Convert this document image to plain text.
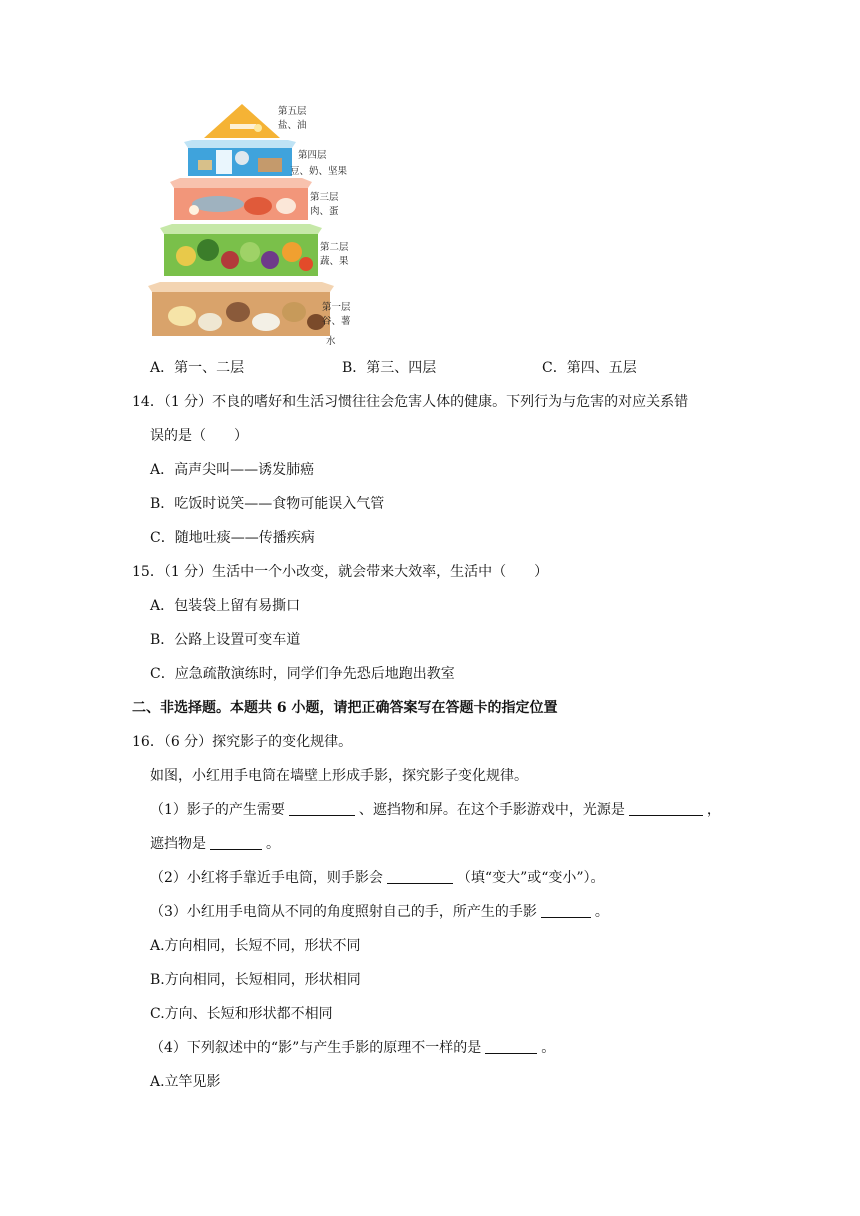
第五层
盐、油
第四层
豆、奶、坚果
第三层
肉、蛋
第二层
蔬、果
第一层
谷、薯
水
A．第一、二层	B．第三、四层	C．第四、五层
14．（1 分）不良的嗜好和生活习惯往往会危害人体的健康。下列行为与危害的对应关系错
误的是（　　）
A．高声尖叫——诱发肺癌
B．吃饭时说笑——食物可能误入气管
C．随地吐痰——传播疾病
15．（1 分）生活中一个小改变，就会带来大效率，生活中（　　）
A．包装袋上留有易撕口
B．公路上设置可变车道
C．应急疏散演练时，同学们争先恐后地跑出教室
二、非选择题。本题共 6 小题，请把正确答案写在答题卡的指定位置
16．（6 分）探究影子的变化规律。
如图，小红用手电筒在墙壁上形成手影，探究影子变化规律。
（1）影子的产生需要	、遮挡物和屏。在这个手影游戏中，光源是	，
遮挡物是	。
（2）小红将手靠近手电筒，则手影会	（填“变大”或“变小”）。
（3）小红用手电筒从不同的角度照射自己的手，所产生的手影	。
A.方向相同，长短不同，形状不同
B.方向相同，长短相同，形状相同
C.方向、长短和形状都不相同
（4）下列叙述中的“影”与产生手影的原理不一样的是	。
A.立竿见影
